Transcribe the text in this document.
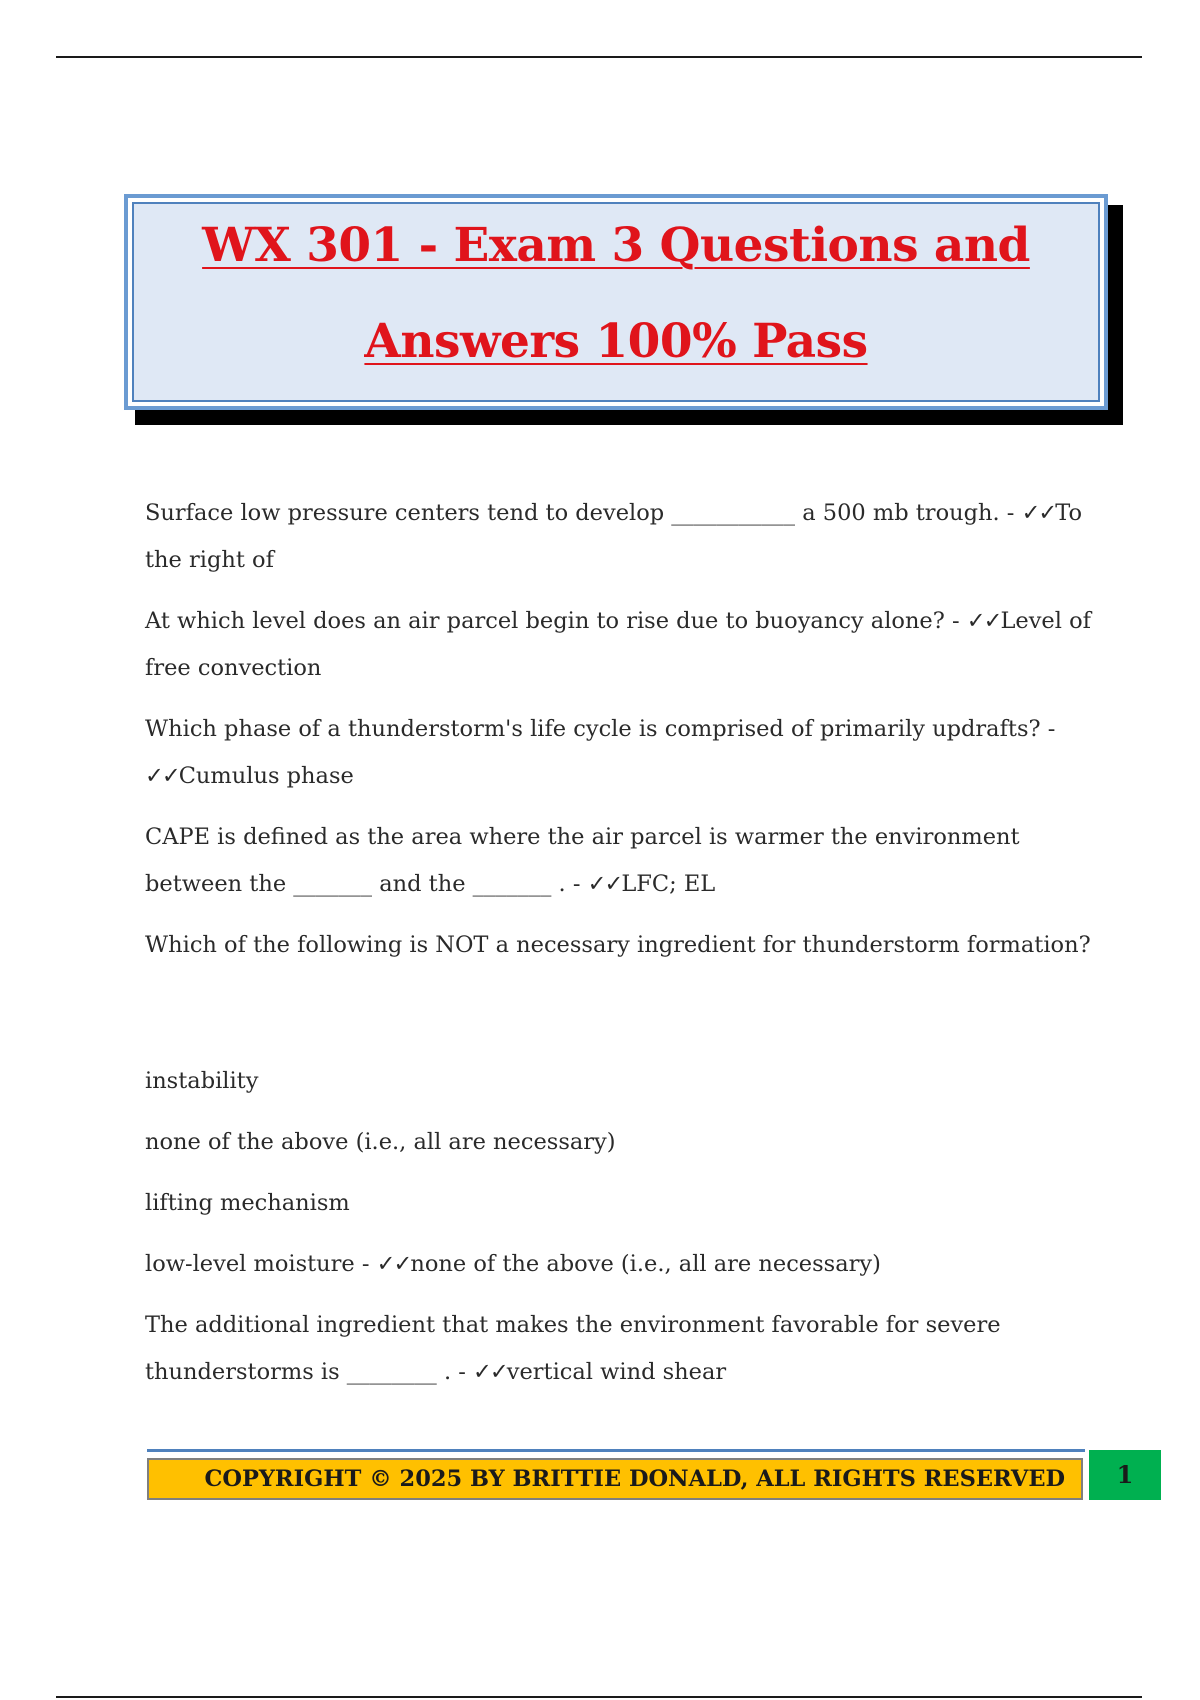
WX 301 - Exam 3 Questions and
Answers 100% Pass

Surface low pressure centers tend to develop ___________ a 500 mb trough. - ✓✓To the right of

At which level does an air parcel begin to rise due to buoyancy alone? - ✓✓Level of free convection

Which phase of a thunderstorm's life cycle is comprised of primarily updrafts? - ✓✓Cumulus phase

CAPE is defined as the area where the air parcel is warmer the environment between the _______ and the _______ . - ✓✓LFC; EL

Which of the following is NOT a necessary ingredient for thunderstorm formation?

instability

none of the above (i.e., all are necessary)

lifting mechanism

low-level moisture - ✓✓none of the above (i.e., all are necessary)

The additional ingredient that makes the environment favorable for severe thunderstorms is ________ . - ✓✓vertical wind shear

COPYRIGHT © 2025 BY BRITTIE DONALD, ALL RIGHTS RESERVED	1
